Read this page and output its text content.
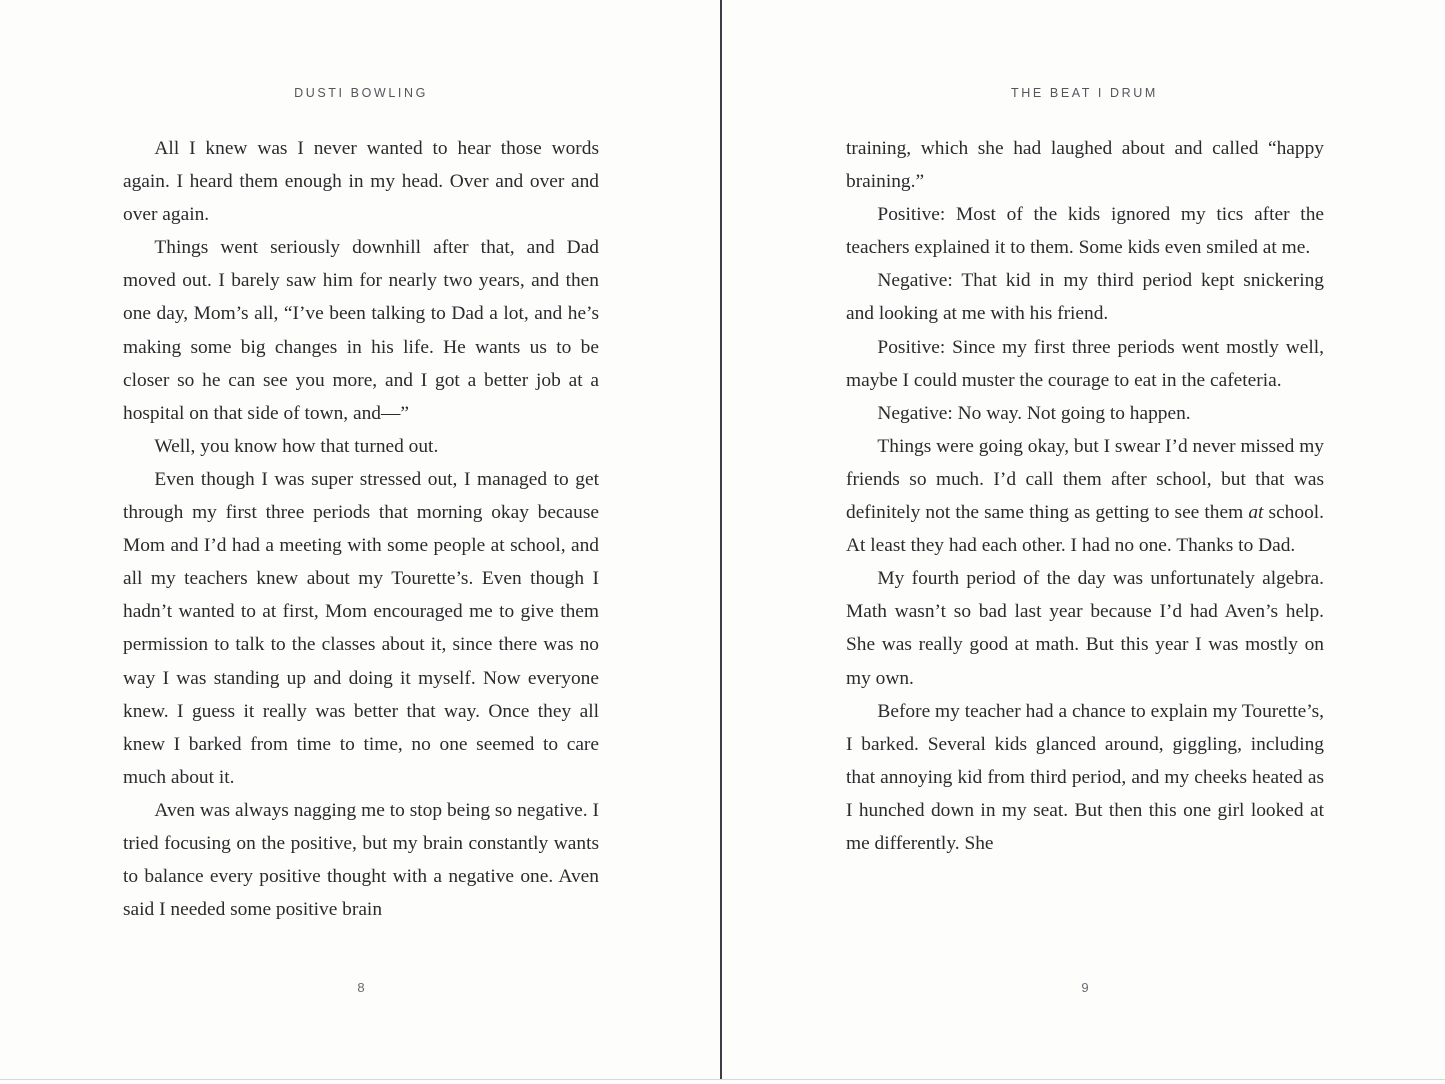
DUSTI BOWLING

All I knew was I never wanted to hear those words again. I heard them enough in my head. Over and over and over again.

Things went seriously downhill after that, and Dad moved out. I barely saw him for nearly two years, and then one day, Mom’s all, “I’ve been talking to Dad a lot, and he’s making some big changes in his life. He wants us to be closer so he can see you more, and I got a better job at a hospital on that side of town, and—”

Well, you know how that turned out.

Even though I was super stressed out, I managed to get through my first three periods that morning okay because Mom and I’d had a meeting with some people at school, and all my teachers knew about my Tourette’s. Even though I hadn’t wanted to at first, Mom encouraged me to give them permission to talk to the classes about it, since there was no way I was standing up and doing it myself. Now everyone knew. I guess it really was better that way. Once they all knew I barked from time to time, no one seemed to care much about it.

Aven was always nagging me to stop being so negative. I tried focusing on the positive, but my brain constantly wants to balance every positive thought with a negative one. Aven said I needed some positive brain

8
THE BEAT I DRUM

training, which she had laughed about and called “happy braining.”

Positive: Most of the kids ignored my tics after the teachers explained it to them. Some kids even smiled at me.

Negative: That kid in my third period kept snickering and looking at me with his friend.

Positive: Since my first three periods went mostly well, maybe I could muster the courage to eat in the cafeteria.

Negative: No way. Not going to happen.

Things were going okay, but I swear I’d never missed my friends so much. I’d call them after school, but that was definitely not the same thing as getting to see them at school. At least they had each other. I had no one. Thanks to Dad.

My fourth period of the day was unfortunately algebra. Math wasn’t so bad last year because I’d had Aven’s help. She was really good at math. But this year I was mostly on my own.

Before my teacher had a chance to explain my Tourette’s, I barked. Several kids glanced around, giggling, including that annoying kid from third period, and my cheeks heated as I hunched down in my seat. But then this one girl looked at me differently. She

9
